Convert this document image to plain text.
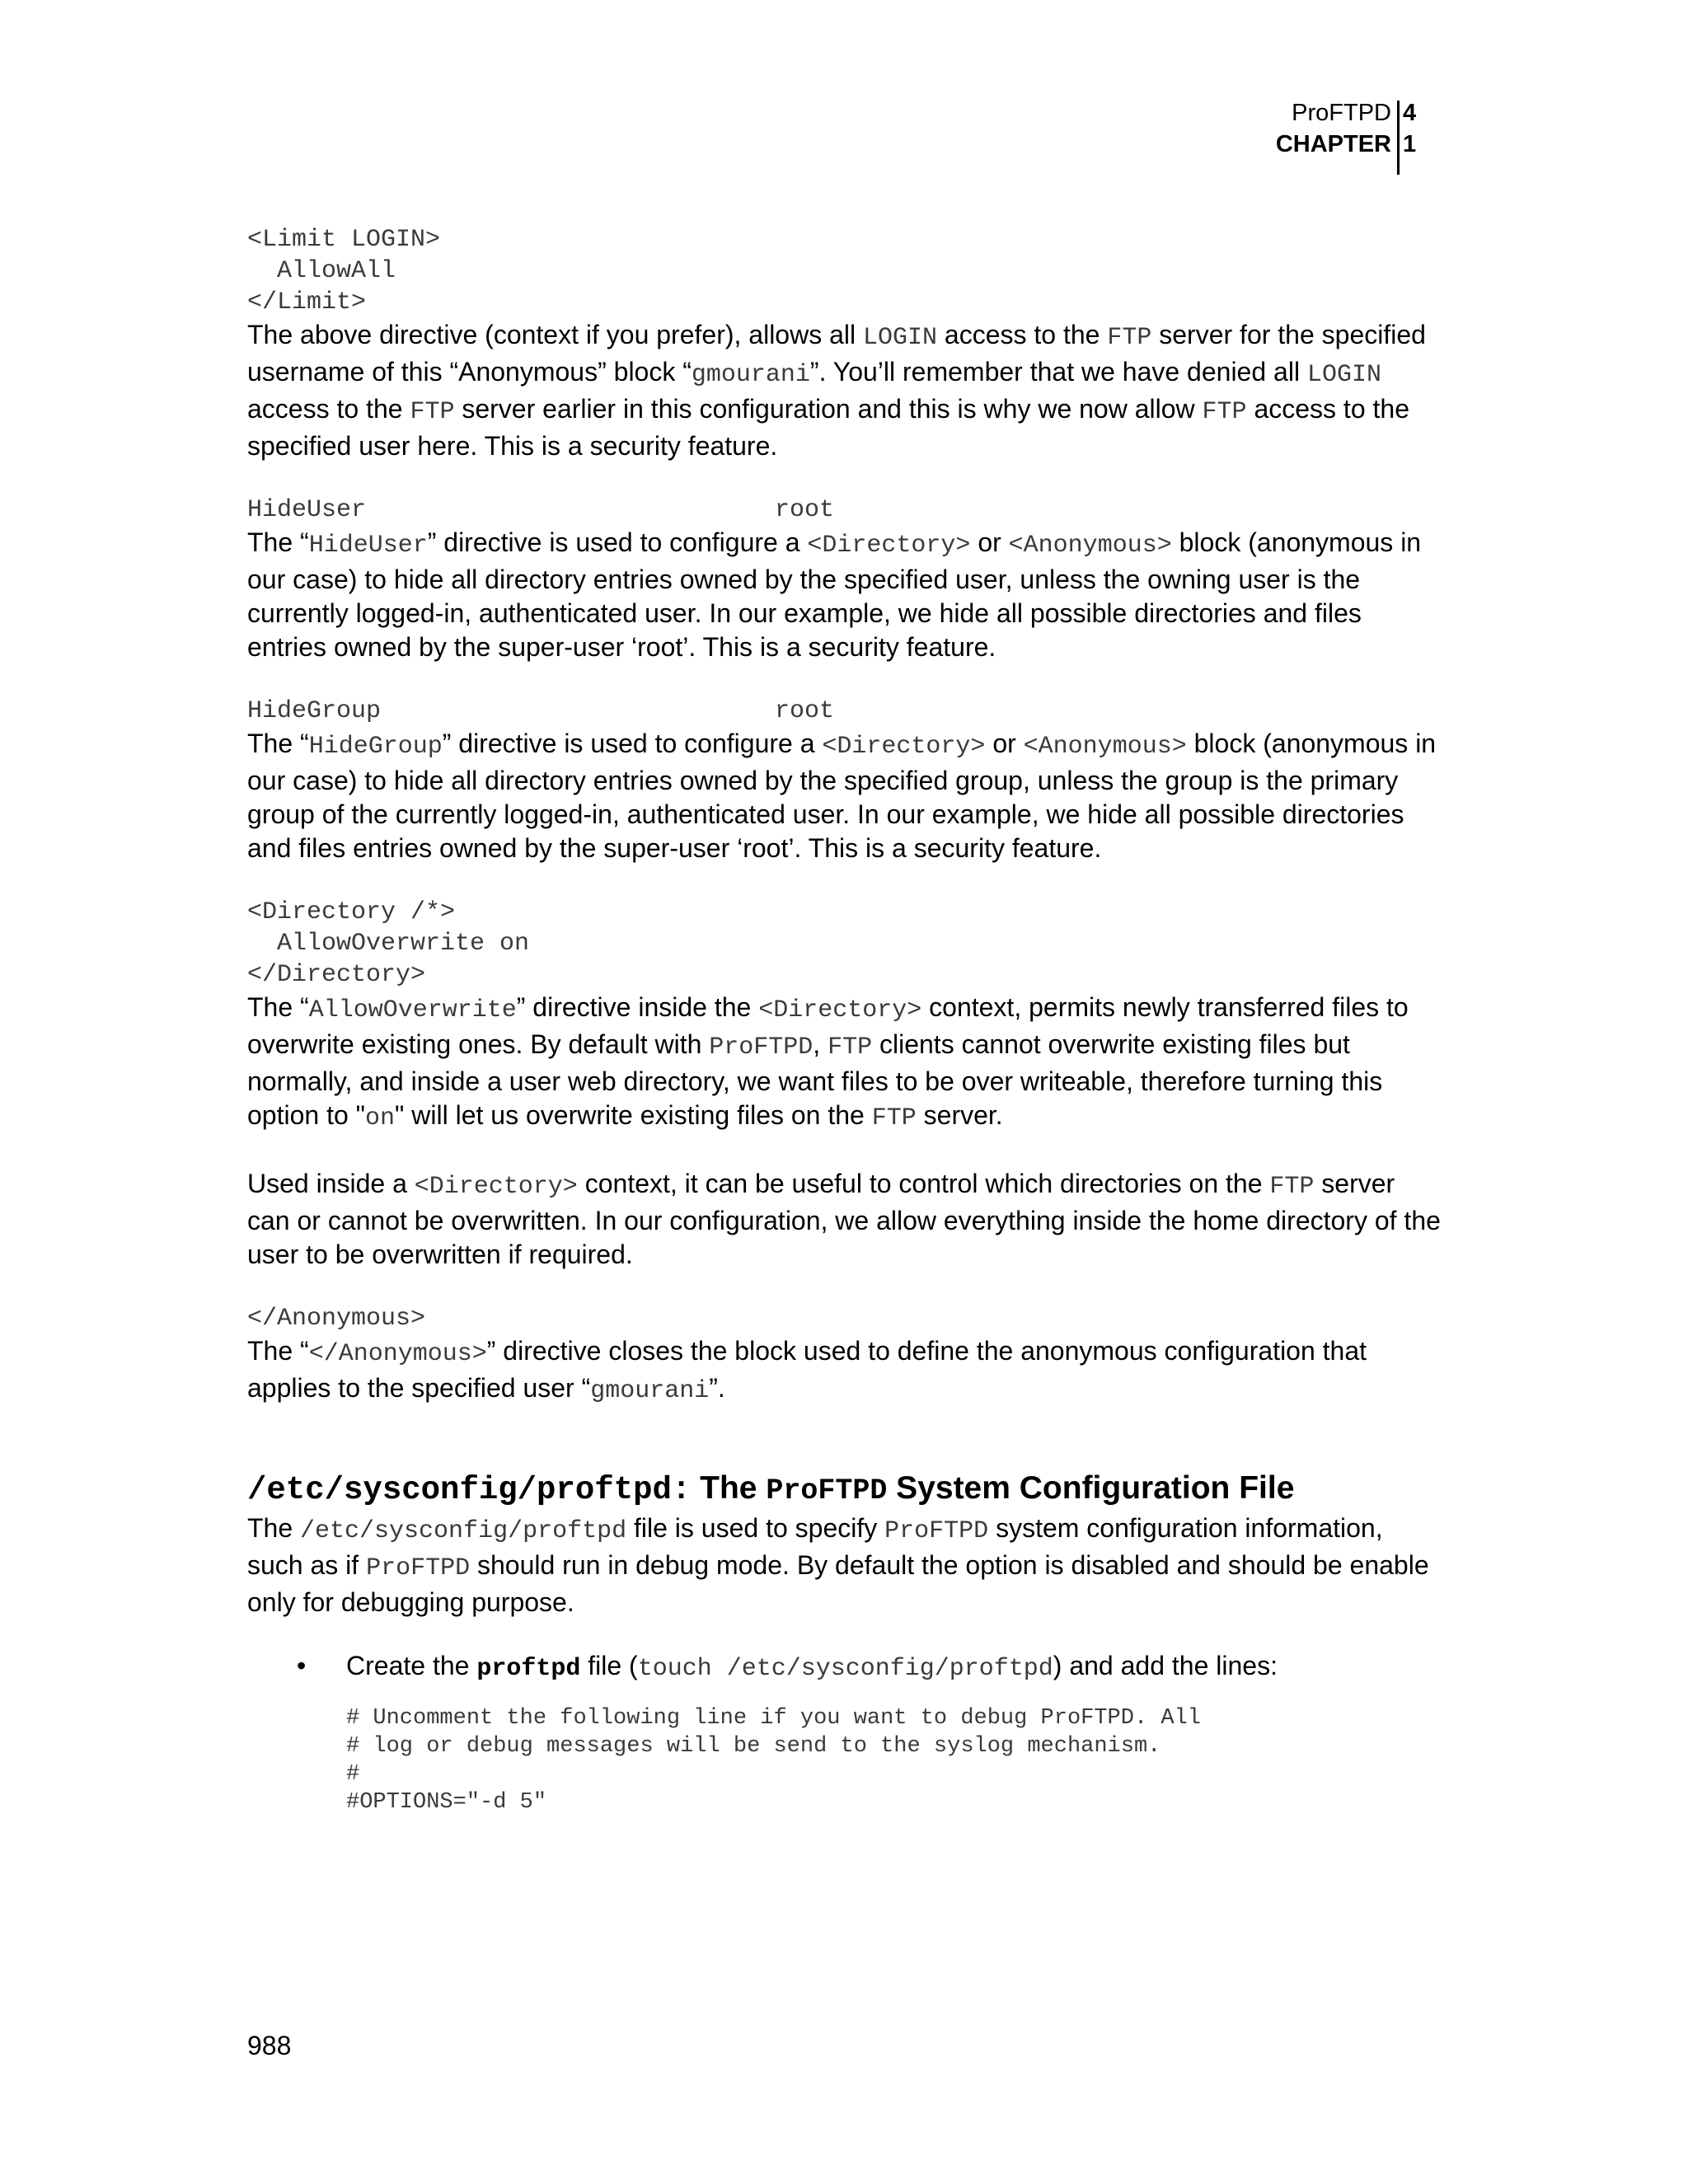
ProFTPD
CHAPTER
4
1
<Limit LOGIN>
AllowAll
</Limit>

The above directive (context if you prefer), allows all LOGIN access to the FTP server for the specified username of this “Anonymous” block “gmourani”. You’ll remember that we have denied all LOGIN access to the FTP server earlier in this configuration and this is why we now allow FTP access to the specified user here. This is a security feature.

HideUser	root

The “HideUser” directive is used to configure a <Directory> or <Anonymous> block (anonymous in our case) to hide all directory entries owned by the specified user, unless the owning user is the currently logged-in, authenticated user. In our example, we hide all possible directories and files entries owned by the super-user ‘root’. This is a security feature.

HideGroup	root

The “HideGroup” directive is used to configure a <Directory> or <Anonymous> block (anonymous in our case) to hide all directory entries owned by the specified group, unless the group is the primary group of the currently logged-in, authenticated user. In our example, we hide all possible directories and files entries owned by the super-user ‘root’. This is a security feature.

<Directory /*>
AllowOverwrite on
</Directory>

The “AllowOverwrite” directive inside the <Directory> context, permits newly transferred files to overwrite existing ones. By default with ProFTPD, FTP clients cannot overwrite existing files but normally, and inside a user web directory, we want files to be over writeable, therefore turning this option to "on" will let us overwrite existing files on the FTP server.

Used inside a <Directory> context, it can be useful to control which directories on the FTP server can or cannot be overwritten. In our configuration, we allow everything inside the home directory of the user to be overwritten if required.

</Anonymous>

The “</Anonymous>” directive closes the block used to define the anonymous configuration that applies to the specified user “gmourani”.

/etc/sysconfig/proftpd: The ProFTPD System Configuration File

The /etc/sysconfig/proftpd file is used to specify ProFTPD system configuration information, such as if ProFTPD should run in debug mode. By default the option is disabled and should be enable only for debugging purpose.

• Create the proftpd file (touch /etc/sysconfig/proftpd) and add the lines:
# Uncomment the following line if you want to debug ProFTPD. All
# log or debug messages will be send to the syslog mechanism.
#
#OPTIONS="-d 5"
988
